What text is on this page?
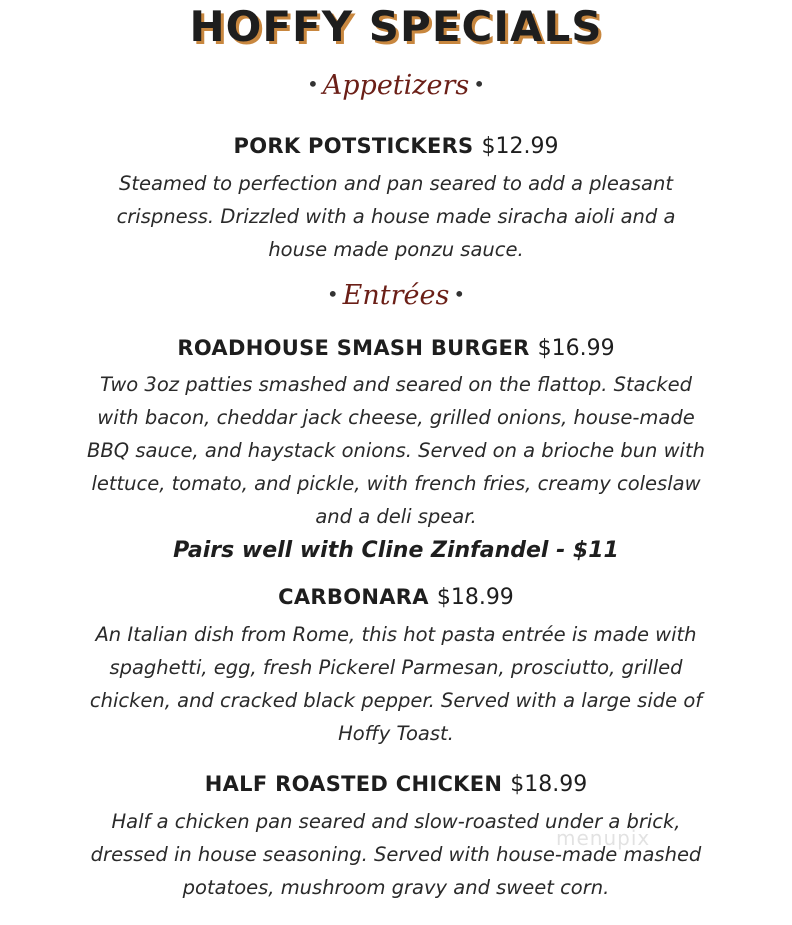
HOFFY SPECIALS
• Appetizers •
PORK POTSTICKERS $12.99

Steamed to perfection and pan seared to add a pleasant
crispness. Drizzled with a house made siracha aioli and a
house made ponzu sauce.

• Entrées •
ROADHOUSE SMASH BURGER $16.99

Two 3oz patties smashed and seared on the flattop. Stacked
with bacon, cheddar jack cheese, grilled onions, house-made
BBQ sauce, and haystack onions. Served on a brioche bun with
lettuce, tomato, and pickle, with french fries, creamy coleslaw
and a deli spear.

Pairs well with Cline Zinfandel - $11
CARBONARA $18.99

An Italian dish from Rome, this hot pasta entrée is made with
spaghetti, egg, fresh Pickerel Parmesan, prosciutto, grilled
chicken, and cracked black pepper. Served with a large side of
Hoffy Toast.

HALF ROASTED CHICKEN $18.99

Half a chicken pan seared and slow-roasted under a brick,
dressed in house seasoning. Served with house-made mashed
potatoes, mushroom gravy and sweet corn.

menupix
